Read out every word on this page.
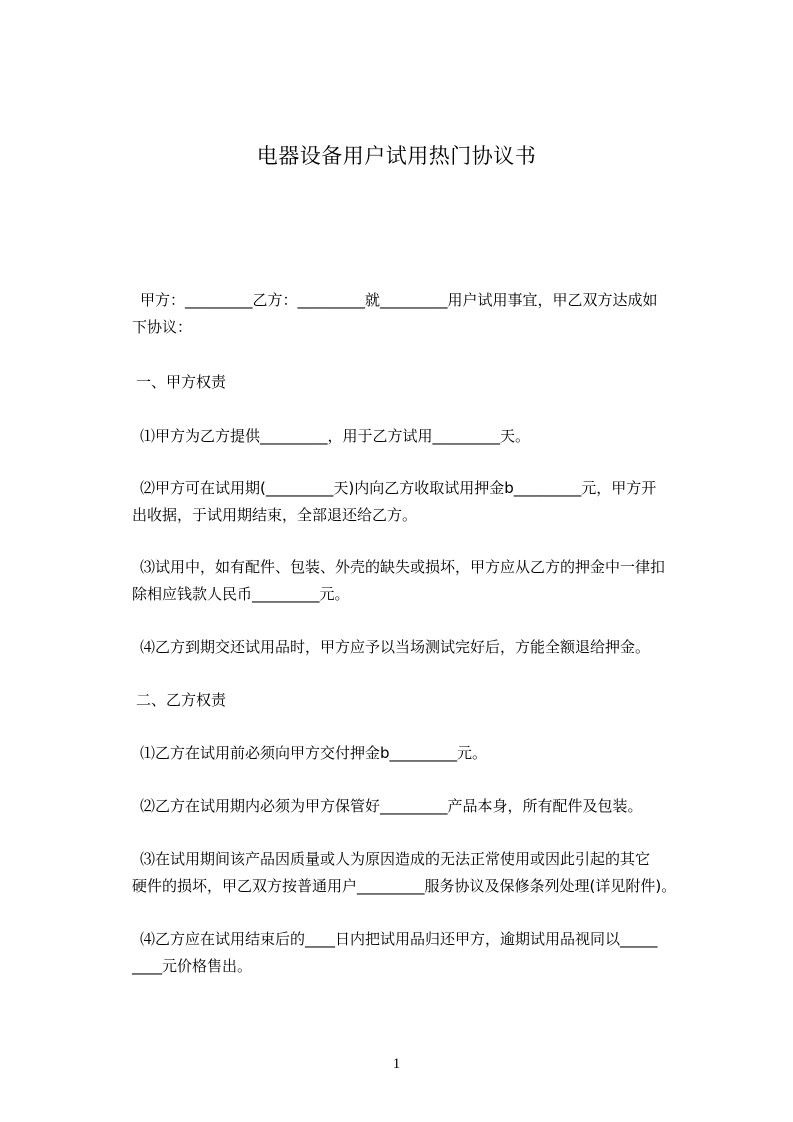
电器设备用户试用热门协议书
甲方：_________乙方：_________就_________用户试用事宜，甲乙双方达成如
下协议：
一、甲方权责
⑴甲方为乙方提供_________，用于乙方试用_________天。
⑵甲方可在试用期(_________天)内向乙方收取试用押金b_________元，甲方开
出收据，于试用期结束，全部退还给乙方。
⑶试用中，如有配件、包装、外壳的缺失或损坏，甲方应从乙方的押金中一律扣
除相应钱款人民币_________元。
⑷乙方到期交还试用品时，甲方应予以当场测试完好后，方能全额退给押金。
二、乙方权责
⑴乙方在试用前必须向甲方交付押金b_________元。
⑵乙方在试用期内必须为甲方保管好_________产品本身，所有配件及包装。
⑶在试用期间该产品因质量或人为原因造成的无法正常使用或因此引起的其它
硬件的损坏，甲乙双方按普通用户_________服务协议及保修条列处理(详见附件)。
⑷乙方应在试用结束后的____日内把试用品归还甲方，逾期试用品视同以_____
____元价格售出。
1
